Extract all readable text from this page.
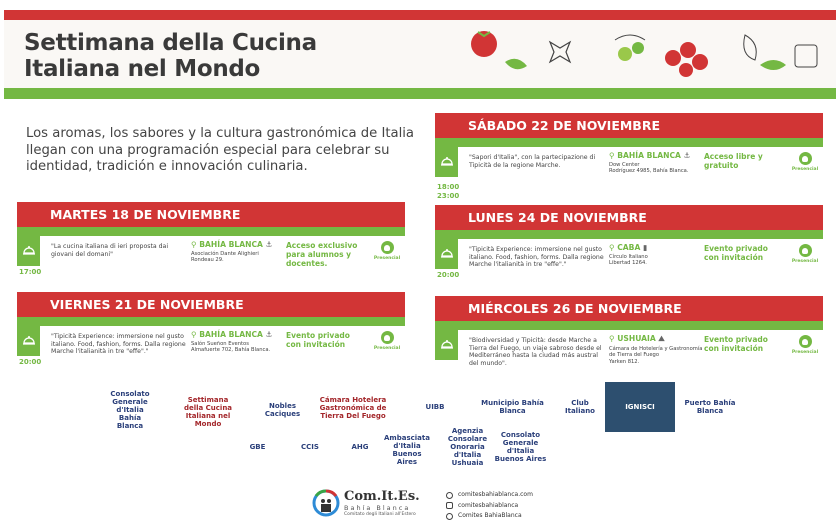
Settimana della Cucina
Italiana nel Mondo

Los aromas, los sabores y la cultura gastronómica de Italia llegan con una programación especial para celebrar su identidad, tradición e innovación culinaria.

MARTES 18 DE NOVIEMBRE
17:00
"La cucina italiana di ieri proposta dai giovani del domani"
⚲ BAHÍA BLANCA ⚓
Asociación Dante Alighieri
Rondeau 29.
Acceso exclusivo para alumnos y docentes.
Presencial
VIERNES 21 DE NOVIEMBRE
20:00
"Tipicità Experience: immersione nel gusto italiano. Food, fashion, forms. Dalla regione Marche l'italianità in tre "effe"."
⚲ BAHÍA BLANCA ⚓
Salón Sueñon Eventos
Almafuerte 702, Bahía Blanca.
Evento privado con invitación	Presencial
SÁBADO 22 DE NOVIEMBRE
18:00
23:00
"Sapori d'Italia", con la partecipazione di Tipicità de la regione Marche.
⚲ BAHÍA BLANCA ⚓
Dow Center
Rodríguez 4985, Bahía Blanca.
Acceso libre y gratuito	Presencial
LUNES 24 DE NOVIEMBRE
20:00
"Tipicità Experience: immersione nel gusto italiano. Food, fashion, forms. Dalla regione Marche l'italianità in tre "effe"."
⚲ CABA ▮
Círculo Italiano
Libertad 1264.
Evento privado con invitación	Presencial
MIÉRCOLES 26 DE NOVIEMBRE
"Biodiversidad y Tipicità: desde Marche a Tierra del Fuego, un viaje sabroso desde el Mediterráneo hasta la ciudad más austral del mundo".
⚲ USHUAIA ⛰
Cámara de Hotelería y Gastronomía de Tierra del Fuego
Yarken 812.
Evento privado con invitación	Presencial
Consolato Generale d'Italia Bahía Blanca
Settimana della Cucina Italiana nel Mondo
Nobles Caciques
Cámara Hotelera Gastronómica de Tierra Del Fuego
UIBB	Municipio Bahía Blanca
Club Italiano	IGNISCI	Puerto Bahía Blanca
GBE	CCIS	AHG
Ambasciata d'Italia Buenos Aires
Agenzia Consolare Onoraria d'Italia Ushuaia
Consolato Generale d'Italia Buenos Aires
Com.It.Es.
Bahía Blanca
Comitato degli Italiani all'Estero
comitesbahiablanca.com
comitesbahiablanca
Comites BahiaBlanca
